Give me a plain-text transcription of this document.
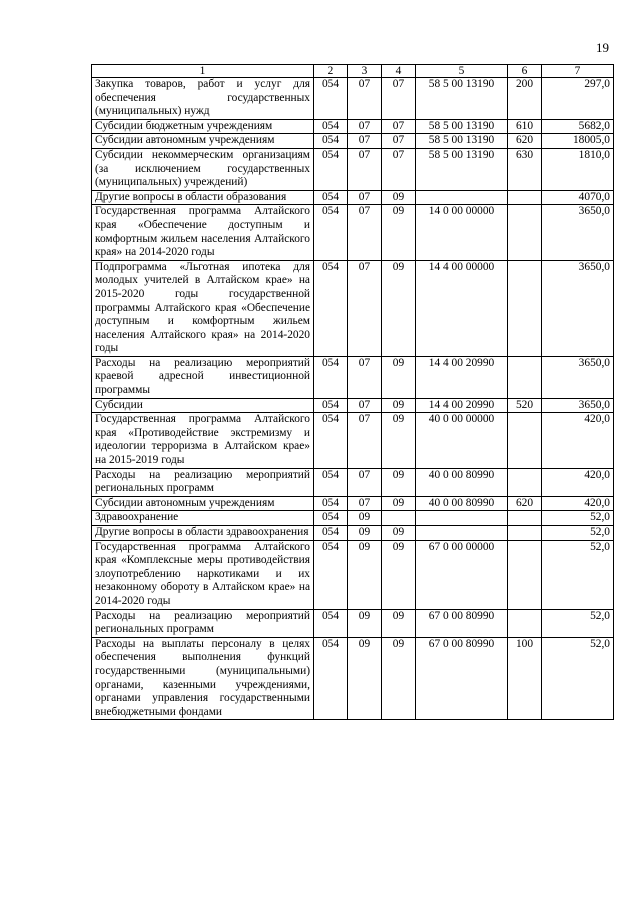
19
1	2	3	4	5	6	7
Закупка товаров, работ и услуг для обеспечения государственных (муниципальных) нужд	054	07	07	58 5 00 13190	200	297,0
Субсидии бюджетным учреждениям	054	07	07	58 5 00 13190	610	5682,0
Субсидии автономным учреждениям	054	07	07	58 5 00 13190	620	18005,0
Субсидии некоммерческим организациям (за исключением государственных (муниципальных) учреждений)	054	07	07	58 5 00 13190	630	1810,0
Другие вопросы в области образования	054	07	09			4070,0
Государственная программа Алтайского края «Обеспечение доступным и комфортным жильем населения Алтайского края» на 2014-2020 годы	054	07	09	14 0 00 00000		3650,0
Подпрограмма «Льготная ипотека для молодых учителей в Алтайском крае» на 2015-2020 годы государственной программы Алтайского края «Обеспечение доступным и комфортным жильем населения Алтайского края» на 2014-2020 годы	054	07	09	14 4 00 00000		3650,0
Расходы на реализацию мероприятий краевой адресной инвестиционной программы	054	07	09	14 4 00 20990		3650,0
Субсидии	054	07	09	14 4 00 20990	520	3650,0
Государственная программа Алтайского края «Противодействие экстремизму и идеологии терроризма в Алтайском крае» на 2015-2019 годы	054	07	09	40 0 00 00000		420,0
Расходы на реализацию мероприятий региональных программ	054	07	09	40 0 00 80990		420,0
Субсидии автономным учреждениям	054	07	09	40 0 00 80990	620	420,0
Здравоохранение	054	09				52,0
Другие вопросы в области здравоохранения	054	09	09			52,0
Государственная программа Алтайского края «Комплексные меры противодействия злоупотреблению наркотиками и их незаконному обороту в Алтайском крае» на 2014-2020 годы	054	09	09	67 0 00 00000		52,0
Расходы на реализацию мероприятий региональных программ	054	09	09	67 0 00 80990		52,0
Расходы на выплаты персоналу в целях обеспечения выполнения функций государственными (муниципальными) органами, казенными учреждениями, органами управления государственными внебюджетными фондами	054	09	09	67 0 00 80990	100	52,0
